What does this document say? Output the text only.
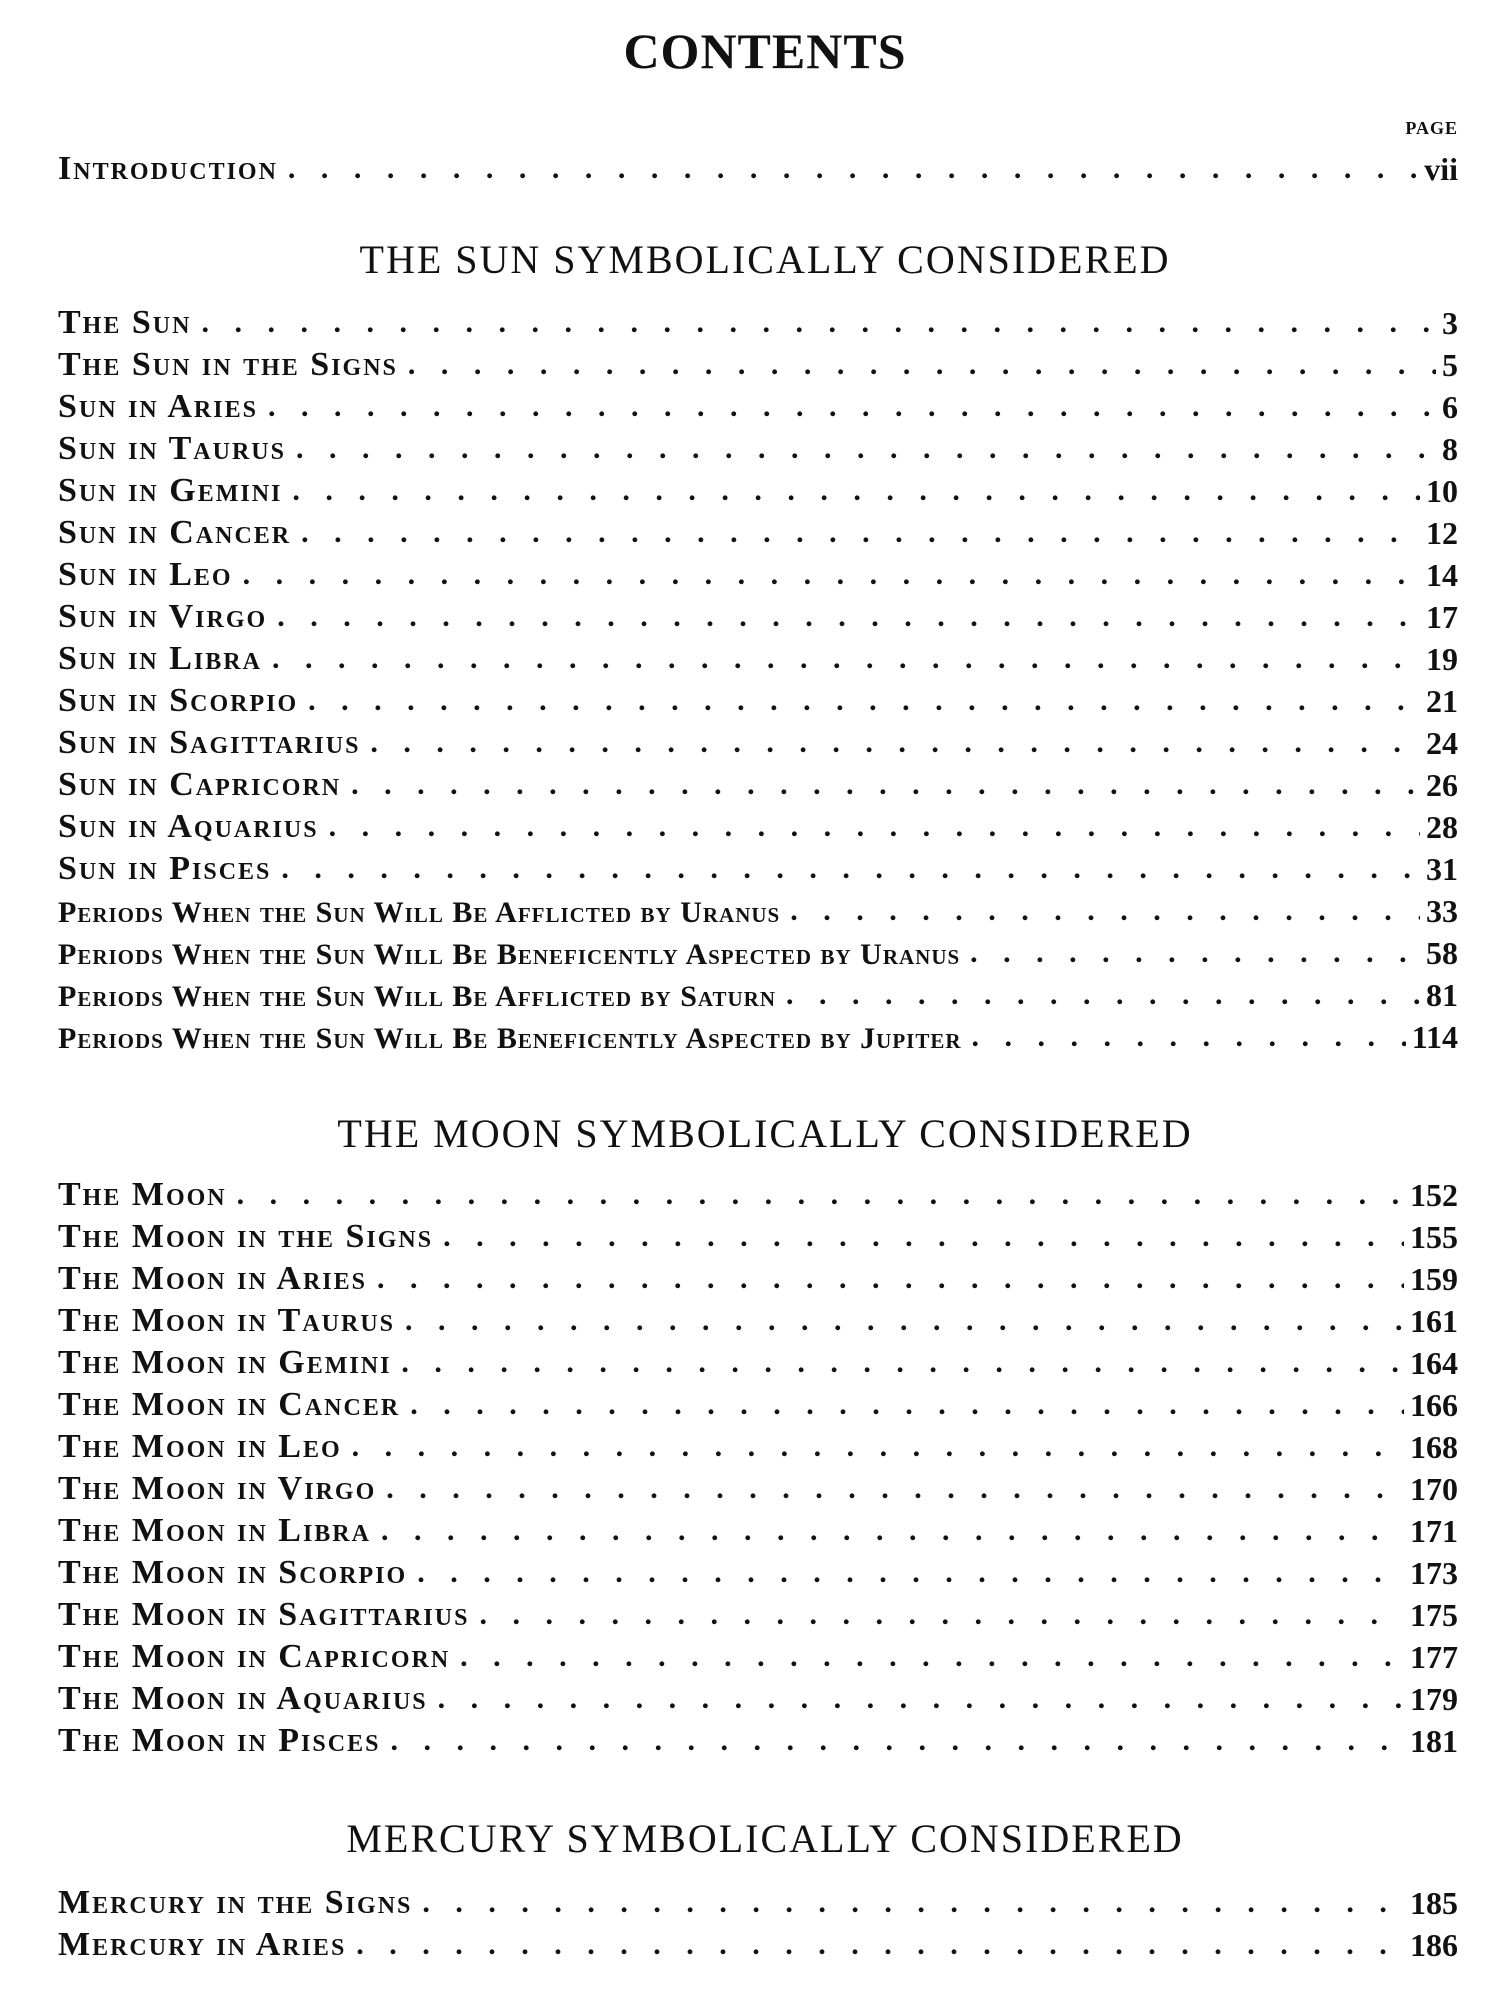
CONTENTS
PAGE
Introduction . . .	vii
THE SUN SYMBOLICALLY CONSIDERED
The Sun . . .	3
The Sun in the Signs . . .	5
Sun in Aries . . .	6
Sun in Taurus . . .	8
Sun in Gemini . . .	10
Sun in Cancer . . .	12
Sun in Leo . . .	14
Sun in Virgo . . .	17
Sun in Libra . . .	19
Sun in Scorpio . . .	21
Sun in Sagittarius . . .	24
Sun in Capricorn . . .	26
Sun in Aquarius . . .	28
Sun in Pisces . . .	31
Periods When the Sun Will Be Afflicted by Uranus . . .	33
Periods When the Sun Will Be Beneficently Aspected by Uranus . . .	58
Periods When the Sun Will Be Afflicted by Saturn . . .	81
Periods When the Sun Will Be Beneficently Aspected by Jupiter . . .	114
THE MOON SYMBOLICALLY CONSIDERED
The Moon . . .	152
The Moon in the Signs . . .	155
The Moon in Aries . . .	159
The Moon in Taurus . . .	161
The Moon in Gemini . . .	164
The Moon in Cancer . . .	166
The Moon in Leo . . .	168
The Moon in Virgo . . .	170
The Moon in Libra . . .	171
The Moon in Scorpio . . .	173
The Moon in Sagittarius . . .	175
The Moon in Capricorn . . .	177
The Moon in Aquarius . . .	179
The Moon in Pisces . . .	181
MERCURY SYMBOLICALLY CONSIDERED
Mercury in the Signs . . .	185
Mercury in Aries . . .	186
